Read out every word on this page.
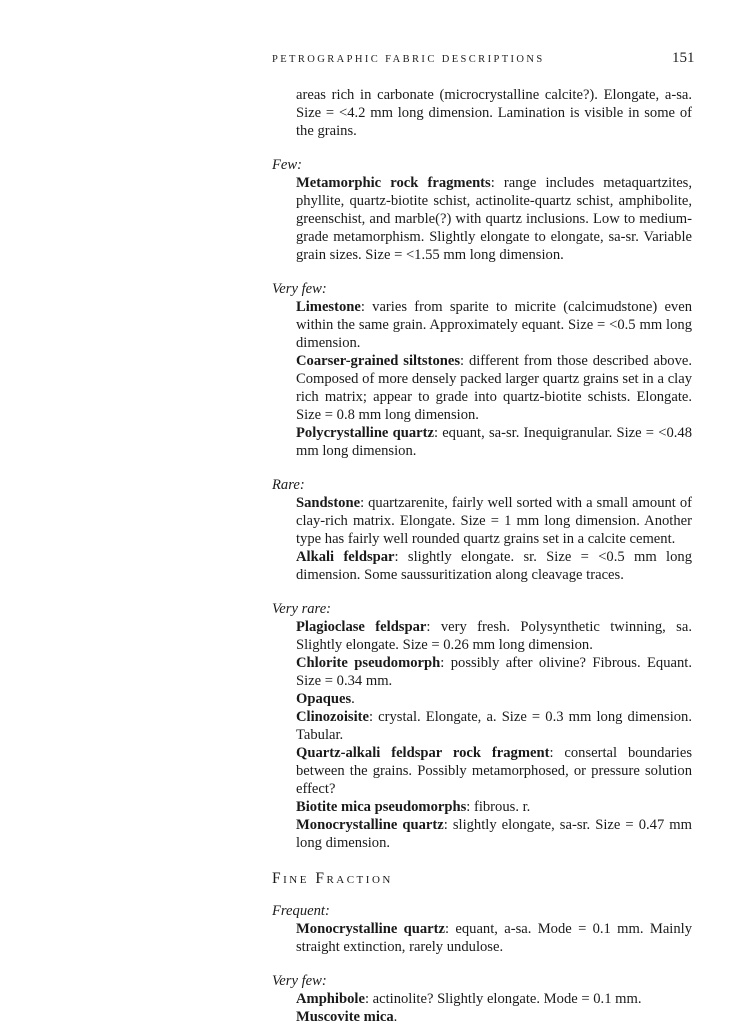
PETROGRAPHIC FABRIC DESCRIPTIONS	151

areas rich in carbonate (microcrystalline calcite?). Elongate, a-sa. Size = <4.2 mm long dimension. Lamination is visible in some of the grains.

Few:

Metamorphic rock fragments: range includes metaquartzites, phyllite, quartz-biotite schist, actinolite-quartz schist, amphibolite, greenschist, and marble(?) with quartz inclusions. Low to medium-grade metamorphism. Slightly elongate to elongate, sa-sr. Variable grain sizes. Size = <1.55 mm long dimension.

Very few:

Limestone: varies from sparite to micrite (calcimudstone) even within the same grain. Approximately equant. Size = <0.5 mm long dimension.

Coarser-grained siltstones: different from those described above. Composed of more densely packed larger quartz grains set in a clay rich matrix; appear to grade into quartz-biotite schists. Elongate. Size = 0.8 mm long dimension.

Polycrystalline quartz: equant, sa-sr. Inequigranular. Size = <0.48 mm long dimension.

Rare:

Sandstone: quartzarenite, fairly well sorted with a small amount of clay-rich matrix. Elongate. Size = 1 mm long dimension. Another type has fairly well rounded quartz grains set in a calcite cement.

Alkali feldspar: slightly elongate. sr. Size = <0.5 mm long dimension. Some saussuritization along cleavage traces.

Very rare:

Plagioclase feldspar: very fresh. Polysynthetic twinning, sa. Slightly elongate. Size = 0.26 mm long dimension.

Chlorite pseudomorph: possibly after olivine? Fibrous. Equant. Size = 0.34 mm.

Opaques.

Clinozoisite: crystal. Elongate, a. Size = 0.3 mm long dimension. Tabular.

Quartz-alkali feldspar rock fragment: consertal boundaries between the grains. Possibly metamorphosed, or pressure solution effect?

Biotite mica pseudomorphs: fibrous. r.

Monocrystalline quartz: slightly elongate, sa-sr. Size = 0.47 mm long dimension.

Fine Fraction

Frequent:

Monocrystalline quartz: equant, a-sa. Mode = 0.1 mm. Mainly straight extinction, rarely undulose.

Very few:

Amphibole: actinolite? Slightly elongate. Mode = 0.1 mm.

Muscovite mica.
